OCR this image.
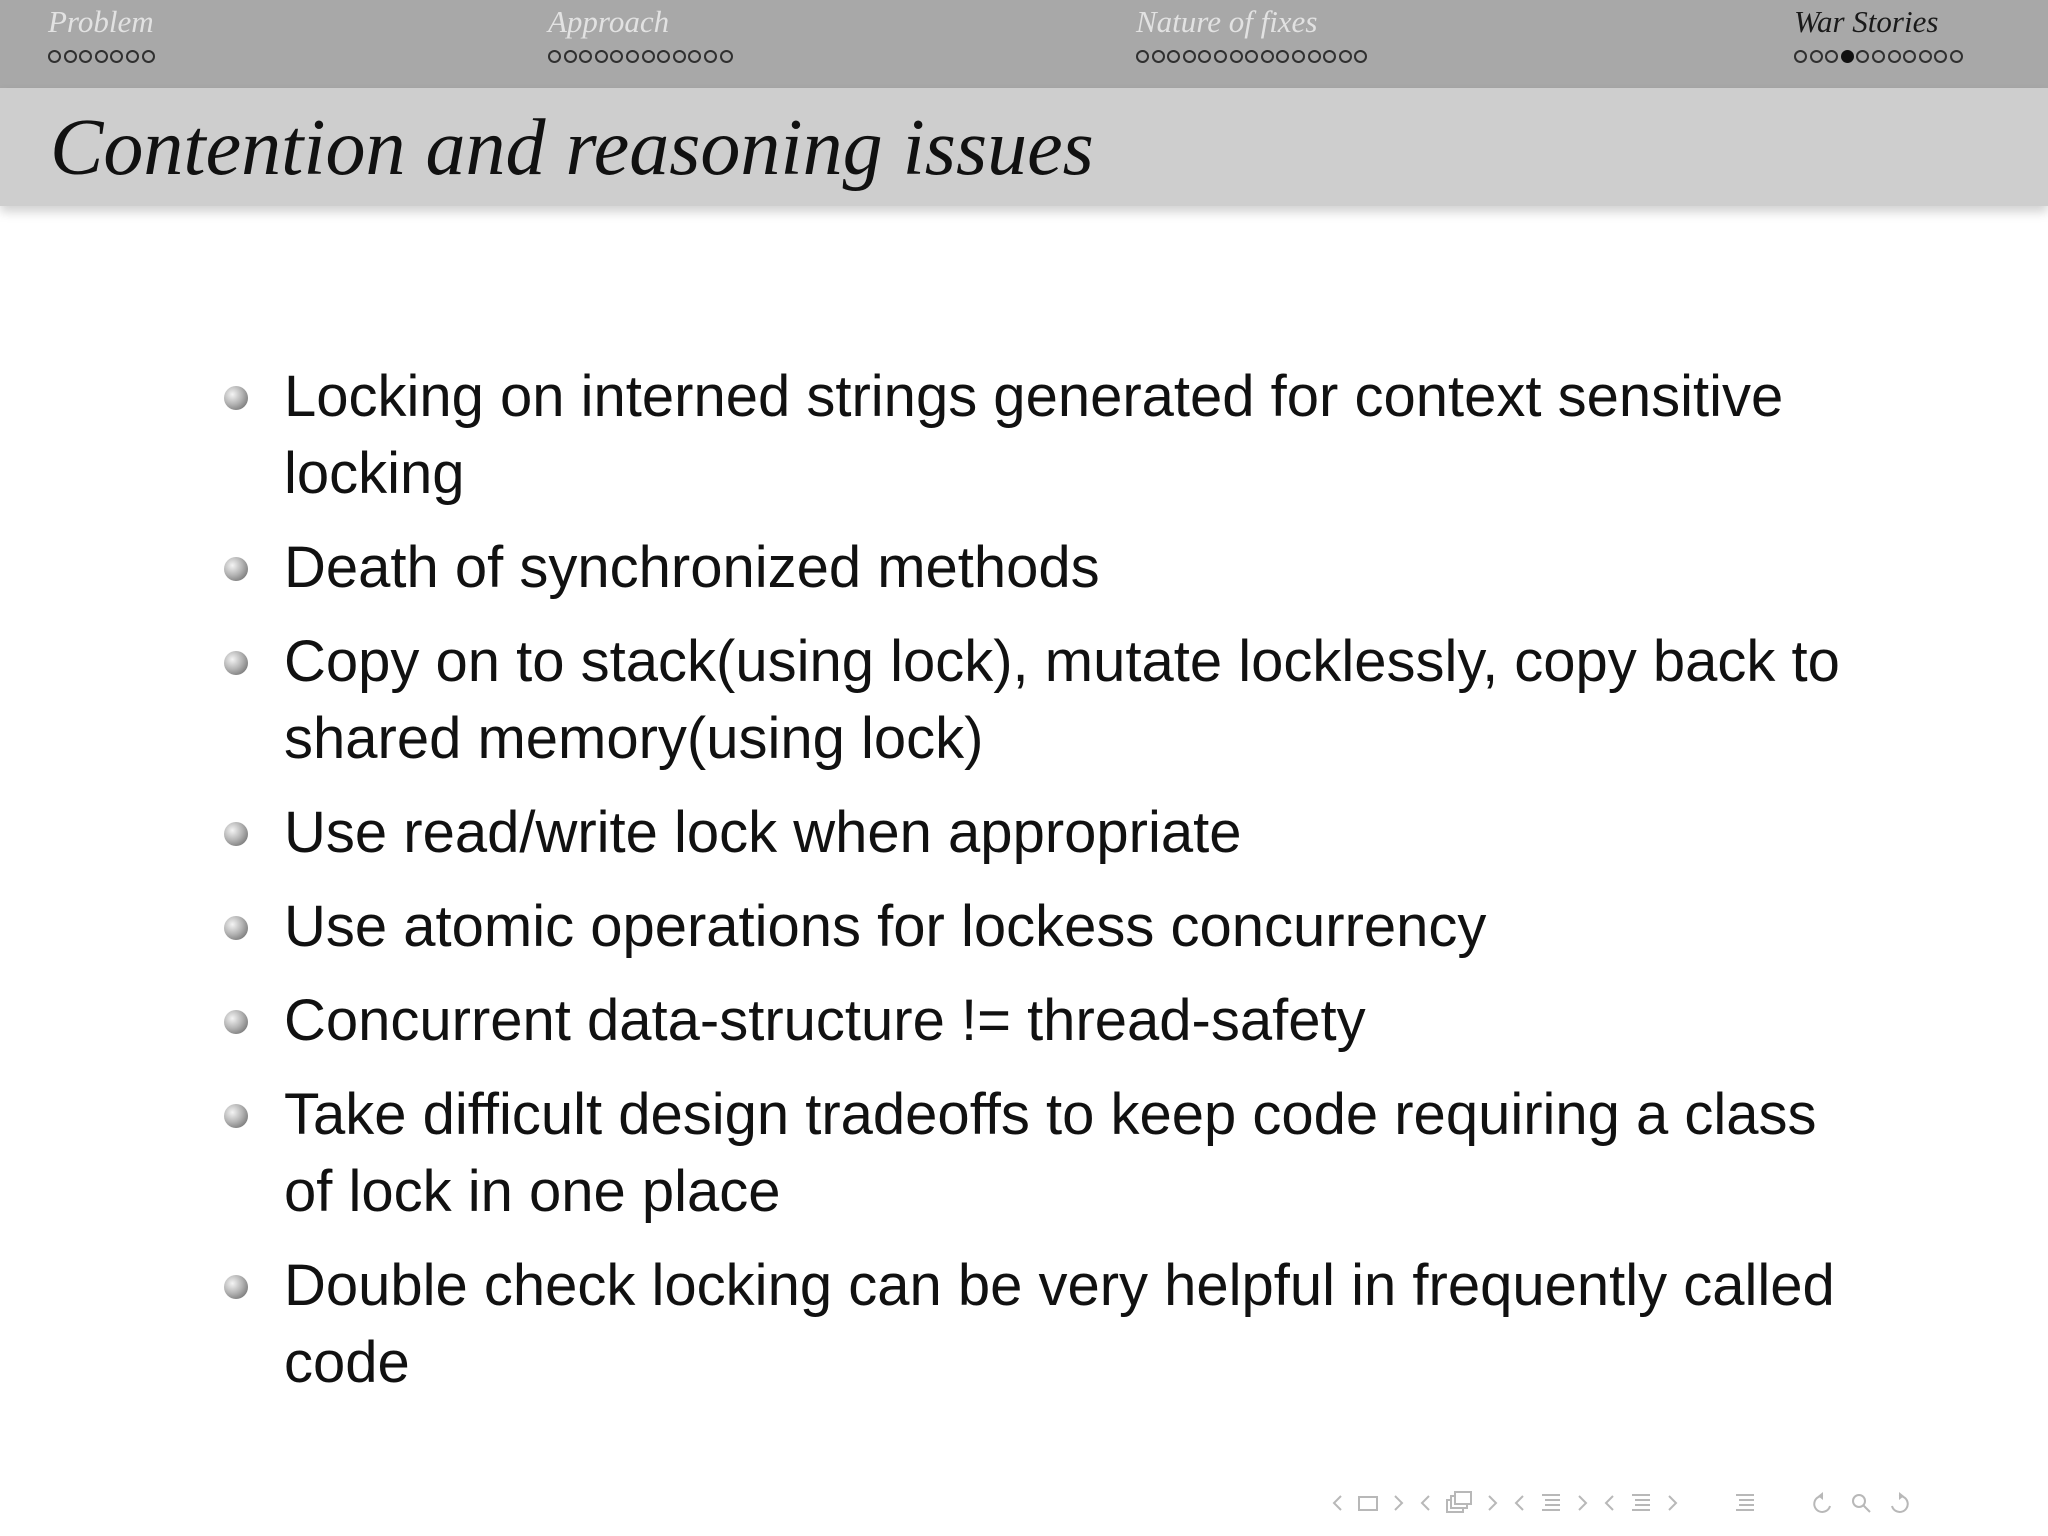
Problem	Approach	Nature of fixes	War Stories
Contention and reasoning issues
Locking on interned strings generated for context sensitive locking
Death of synchronized methods
Copy on to stack(using lock), mutate locklessly, copy back to shared memory(using lock)
Use read/write lock when appropriate
Use atomic operations for lockess concurrency
Concurrent data-structure != thread-safety
Take difficult design tradeoffs to keep code requiring a class of lock in one place
Double check locking can be very helpful in frequently called code
